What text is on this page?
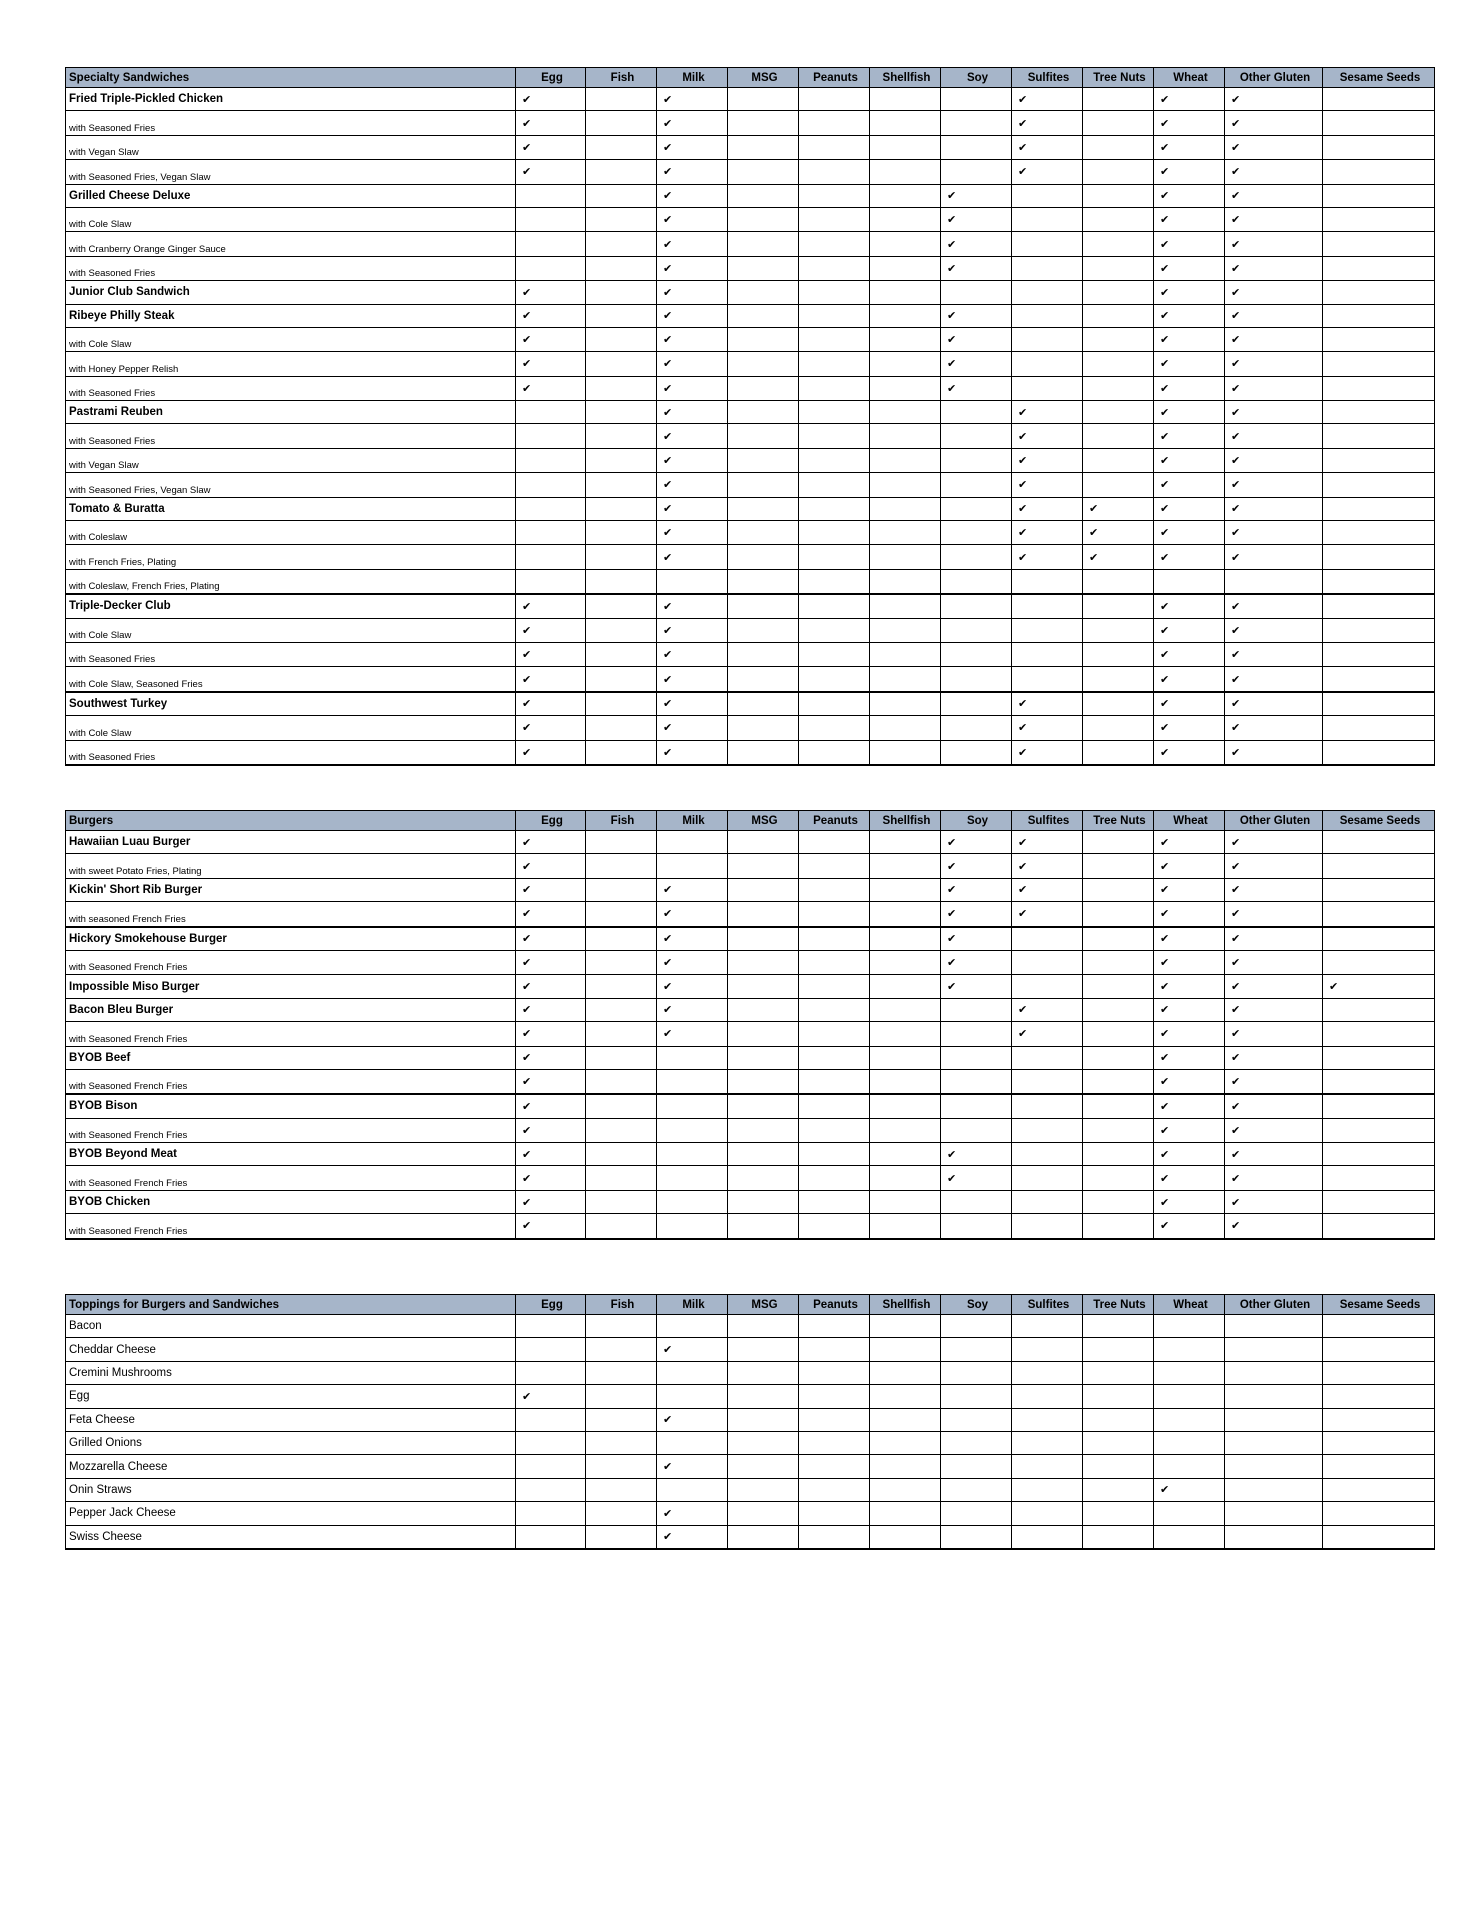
Specialty Sandwiches	Egg	Fish	Milk	MSG	Peanuts	Shellfish	Soy	Sulfites	Tree Nuts	Wheat	Other Gluten	Sesame Seeds
Fried Triple-Pickled Chicken	✔		✔					✔		✔	✔	
with Seasoned Fries	✔		✔					✔		✔	✔	
with Vegan Slaw	✔		✔					✔		✔	✔	
with Seasoned Fries, Vegan Slaw	✔		✔					✔		✔	✔	
Grilled Cheese Deluxe			✔				✔			✔	✔	
with Cole Slaw			✔				✔			✔	✔	
with Cranberry Orange Ginger Sauce			✔				✔			✔	✔	
with Seasoned Fries			✔				✔			✔	✔	
Junior Club Sandwich	✔		✔							✔	✔	
Ribeye Philly Steak	✔		✔				✔			✔	✔	
with Cole Slaw	✔		✔				✔			✔	✔	
with Honey Pepper Relish	✔		✔				✔			✔	✔	
with Seasoned Fries	✔		✔				✔			✔	✔	
Pastrami Reuben			✔					✔		✔	✔	
with Seasoned Fries			✔					✔		✔	✔	
with Vegan Slaw			✔					✔		✔	✔	
with Seasoned Fries, Vegan Slaw			✔					✔		✔	✔	
Tomato & Buratta			✔					✔	✔	✔	✔	
with Coleslaw			✔					✔	✔	✔	✔	
with French Fries, Plating			✔					✔	✔	✔	✔	
with Coleslaw, French Fries, Plating												
Triple-Decker Club	✔		✔							✔	✔	
with Cole Slaw	✔		✔							✔	✔	
with Seasoned Fries	✔		✔							✔	✔	
with Cole Slaw, Seasoned Fries	✔		✔							✔	✔	
Southwest Turkey	✔		✔					✔		✔	✔	
with Cole Slaw	✔		✔					✔		✔	✔	
with Seasoned Fries	✔		✔					✔		✔	✔	
Burgers	Egg	Fish	Milk	MSG	Peanuts	Shellfish	Soy	Sulfites	Tree Nuts	Wheat	Other Gluten	Sesame Seeds
Hawaiian Luau Burger	✔						✔	✔		✔	✔	
with sweet Potato Fries, Plating	✔						✔	✔		✔	✔	
Kickin' Short Rib Burger	✔		✔				✔	✔		✔	✔	
with seasoned French Fries	✔		✔				✔	✔		✔	✔	
Hickory Smokehouse Burger	✔		✔				✔			✔	✔	
with Seasoned French Fries	✔		✔				✔			✔	✔	
Impossible Miso Burger	✔		✔				✔			✔	✔	✔
Bacon Bleu Burger	✔		✔					✔		✔	✔	
with Seasoned French Fries	✔		✔					✔		✔	✔	
BYOB Beef	✔									✔	✔	
with Seasoned French Fries	✔									✔	✔	
BYOB Bison	✔									✔	✔	
with Seasoned French Fries	✔									✔	✔	
BYOB Beyond Meat	✔						✔			✔	✔	
with Seasoned French Fries	✔						✔			✔	✔	
BYOB Chicken	✔									✔	✔	
with Seasoned French Fries	✔									✔	✔	
Toppings for Burgers and Sandwiches	Egg	Fish	Milk	MSG	Peanuts	Shellfish	Soy	Sulfites	Tree Nuts	Wheat	Other Gluten	Sesame Seeds
Bacon												
Cheddar Cheese			✔									
Cremini Mushrooms												
Egg	✔											
Feta Cheese			✔									
Grilled Onions												
Mozzarella Cheese			✔									
Onin Straws										✔		
Pepper Jack Cheese			✔									
Swiss Cheese			✔									
